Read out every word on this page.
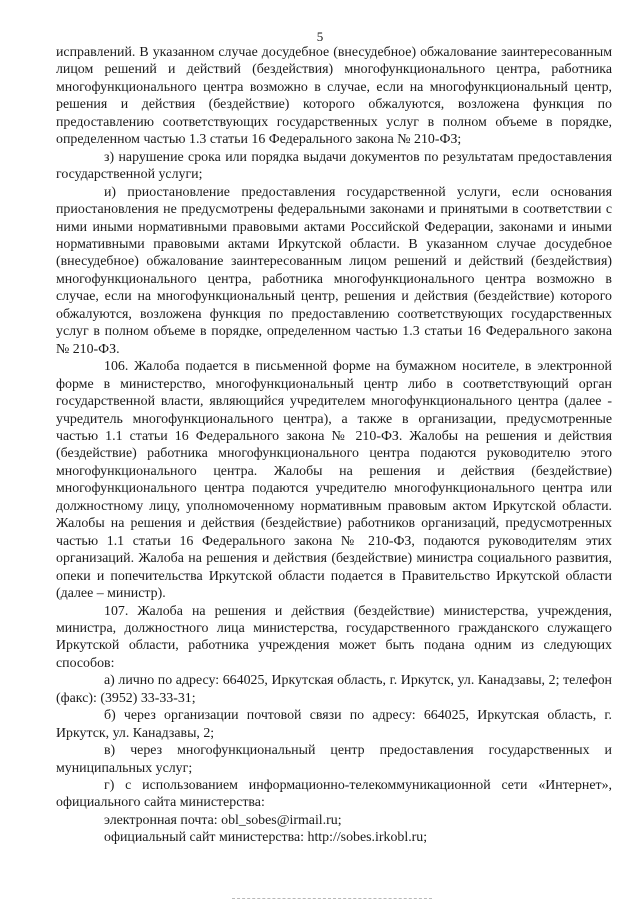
5

исправлений. В указанном случае досудебное (внесудебное) обжалование заинтересованным лицом решений и действий (бездействия) многофункционального центра, работника многофункционального центра возможно в случае, если на многофункциональный центр, решения и действия (бездействие) которого обжалуются, возложена функция по предоставлению соответствующих государственных услуг в полном объеме в порядке, определенном частью 1.3 статьи 16 Федерального закона № 210-ФЗ;

з) нарушение срока или порядка выдачи документов по результатам предоставления государственной услуги;

и) приостановление предоставления государственной услуги, если основания приостановления не предусмотрены федеральными законами и принятыми в соответствии с ними иными нормативными правовыми актами Российской Федерации, законами и иными нормативными правовыми актами Иркутской области. В указанном случае досудебное (внесудебное) обжалование заинтересованным лицом решений и действий (бездействия) многофункционального центра, работника многофункционального центра возможно в случае, если на многофункциональный центр, решения и действия (бездействие) которого обжалуются, возложена функция по предоставлению соответствующих государственных услуг в полном объеме в порядке, определенном частью 1.3 статьи 16 Федерального закона № 210-ФЗ.

106. Жалоба подается в письменной форме на бумажном носителе, в электронной форме в министерство, многофункциональный центр либо в соответствующий орган государственной власти, являющийся учредителем многофункционального центра (далее - учредитель многофункционального центра), а также в организации, предусмотренные частью 1.1 статьи 16 Федерального закона № 210-ФЗ. Жалобы на решения и действия (бездействие) работника многофункционального центра подаются руководителю этого многофункционального центра. Жалобы на решения и действия (бездействие) многофункционального центра подаются учредителю многофункционального центра или должностному лицу, уполномоченному нормативным правовым актом Иркутской области. Жалобы на решения и действия (бездействие) работников организаций, предусмотренных частью 1.1 статьи 16 Федерального закона № 210-ФЗ, подаются руководителям этих организаций. Жалоба на решения и действия (бездействие) министра социального развития, опеки и попечительства Иркутской области подается в Правительство Иркутской области (далее – министр).

107. Жалоба на решения и действия (бездействие) министерства, учреждения, министра, должностного лица министерства, государственного гражданского служащего Иркутской области, работника учреждения может быть подана одним из следующих способов:

а) лично по адресу: 664025, Иркутская область, г. Иркутск, ул. Канадзавы, 2; телефон (факс): (3952) 33-33-31;

б) через организации почтовой связи по адресу: 664025, Иркутская область, г. Иркутск, ул. Канадзавы, 2;

в) через многофункциональный центр предоставления государственных и муниципальных услуг;

г) с использованием информационно-телекоммуникационной сети «Интернет», официального сайта министерства:

электронная почта: obl_sobes@irmail.ru;

официальный сайт министерства: http://sobes.irkobl.ru;
